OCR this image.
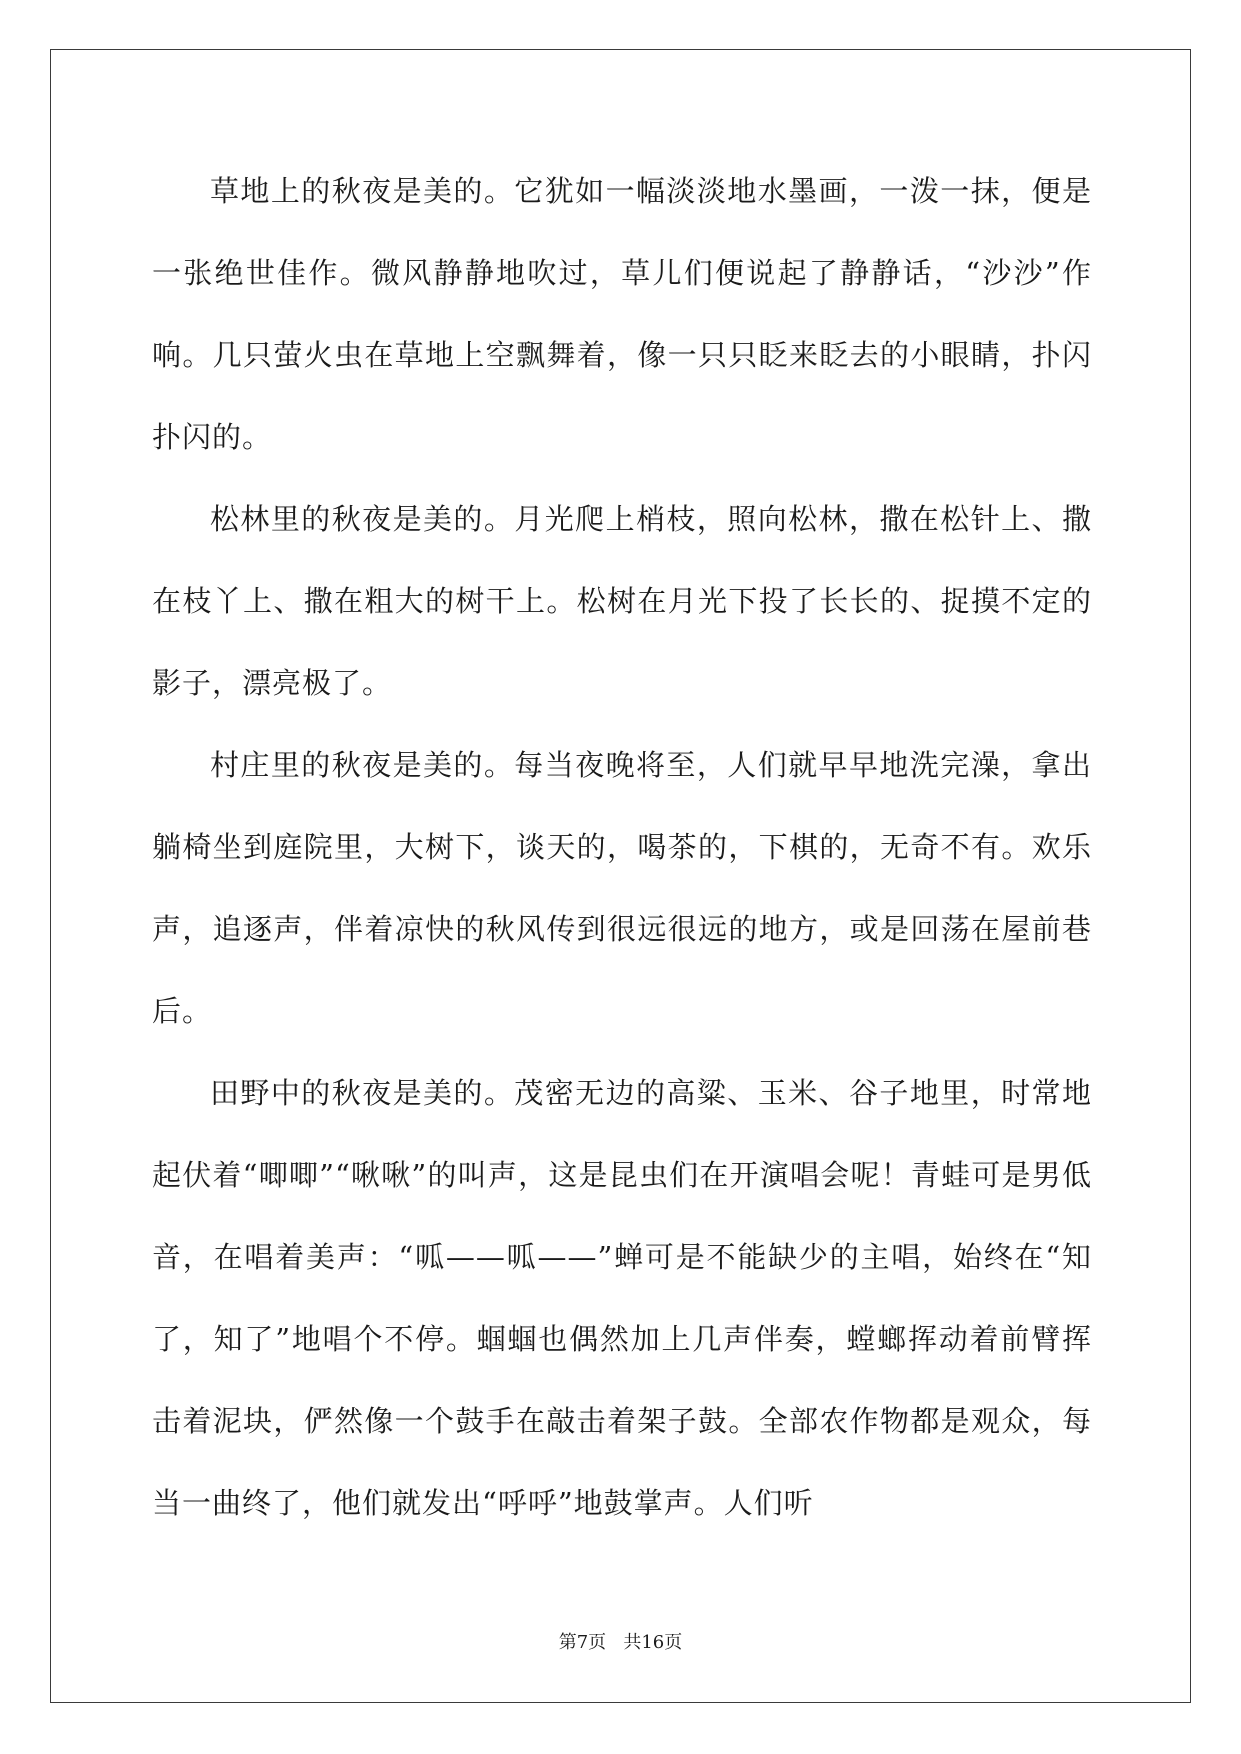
草地上的秋夜是美的。它犹如一幅淡淡地水墨画，一泼一抹，便是一张绝世佳作。微风静静地吹过，草儿们便说起了静静话，“沙沙”作响。几只萤火虫在草地上空飘舞着，像一只只眨来眨去的小眼睛，扑闪扑闪的。

松林里的秋夜是美的。月光爬上梢枝，照向松林，撒在松针上、撒在枝丫上、撒在粗大的树干上。松树在月光下投了长长的、捉摸不定的影子，漂亮极了。

村庄里的秋夜是美的。每当夜晚将至，人们就早早地洗完澡，拿出躺椅坐到庭院里，大树下，谈天的，喝茶的，下棋的，无奇不有。欢乐声，追逐声，伴着凉快的秋风传到很远很远的地方，或是回荡在屋前巷后。

田野中的秋夜是美的。茂密无边的高粱、玉米、谷子地里，时常地起伏着“唧唧”“啾啾”的叫声，这是昆虫们在开演唱会呢！青蛙可是男低音，在唱着美声：“呱——呱——”蝉可是不能缺少的主唱，始终在“知了，知了”地唱个不停。蝈蝈也偶然加上几声伴奏，螳螂挥动着前臂挥击着泥块，俨然像一个鼓手在敲击着架子鼓。全部农作物都是观众，每当一曲终了，他们就发出“呼呼”地鼓掌声。人们听

第7页   共16页
